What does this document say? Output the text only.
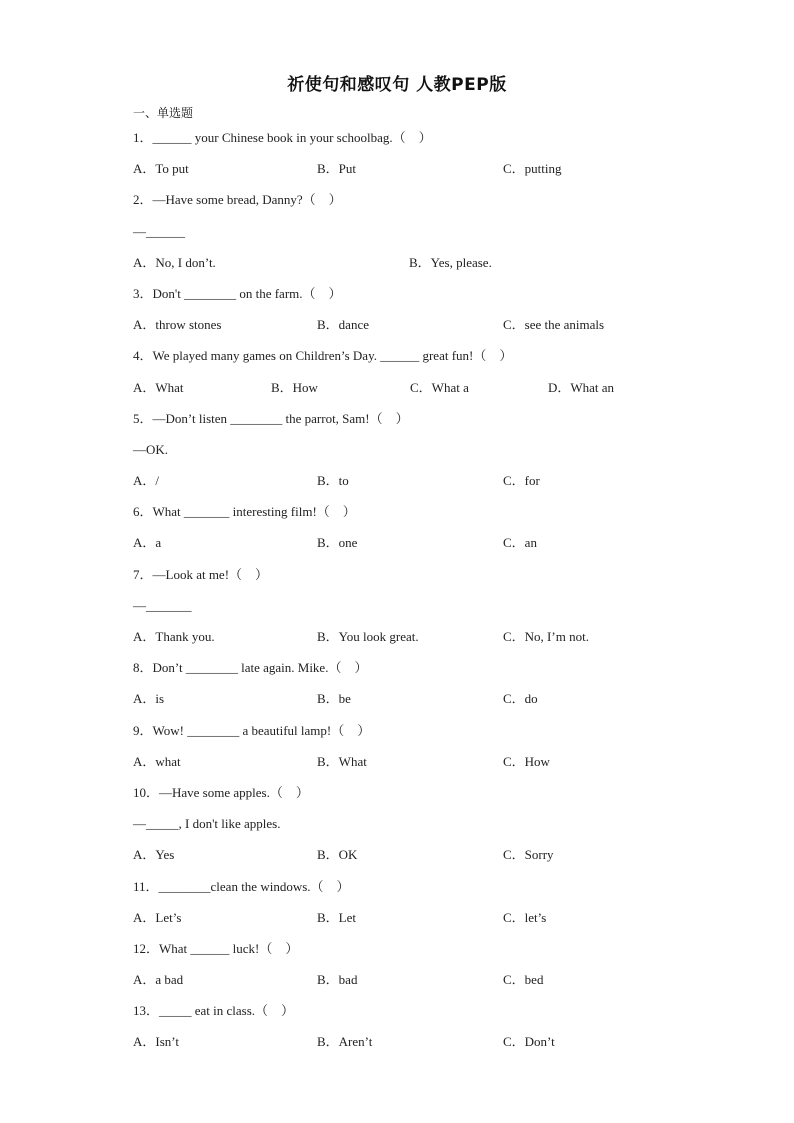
祈使句和感叹句 人教PEP版
一、单选题
1．______ your Chinese book in your schoolbag.（　）
A．To put	B．Put	C．putting
2．—Have some bread, Danny?（　）
—______
A．No, I don’t.	B．Yes, please.
3．Don't ________ on the farm.（　）
A．throw stones	B．dance	C．see the animals
4．We played many games on Children’s Day. ______ great fun!（　）
A．What	B．How	C．What a	D．What an
5．—Don’t listen ________ the parrot, Sam!（　）
—OK.
A．/	B．to	C．for
6．What _______ interesting film!（　）
A．a	B．one	C．an
7．—Look at me!（　）
—_______
A．Thank you.	B．You look great.	C．No, I’m not.
8．Don’t ________ late again. Mike.（　）
A．is	B．be	C．do
9．Wow! ________ a beautiful lamp!（　）
A．what	B．What	C．How
10．—Have some apples.（　）
—_____, I don't like apples.
A．Yes	B．OK	C．Sorry
11．________clean the windows.（　）
A．Let’s	B．Let	C．let’s
12．What ______ luck!（　）
A．a bad	B．bad	C．bed
13．_____ eat in class.（　）
A．Isn’t	B．Aren’t	C．Don’t
